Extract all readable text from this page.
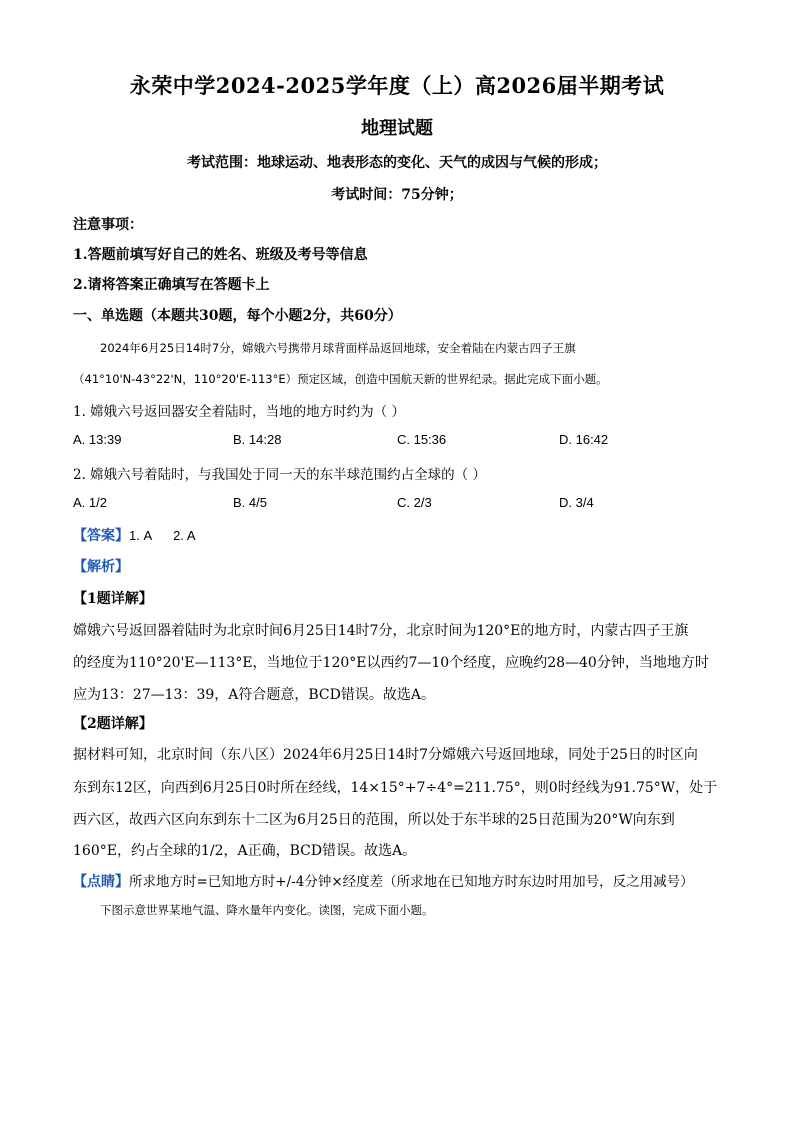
永荣中学2024-2025学年度（上）高2026届半期考试
地理试题
考试范围：地球运动、地表形态的变化、天气的成因与气候的形成；
考试时间：75分钟；
注意事项：
1.答题前填写好自己的姓名、班级及考号等信息
2.请将答案正确填写在答题卡上
一、单选题（本题共30题，每个小题2分，共60分）
2024年6月25日14时7分，嫦娥六号携带月球背面样品返回地球，安全着陆在内蒙古四子王旗
（41°10'N-43°22'N，110°20'E-113°E）预定区域，创造中国航天新的世界纪录。据此完成下面小题。
1. 嫦娥六号返回器安全着陆时，当地的地方时约为（ ）
A. 13:39	B. 14:28	C. 15:36	D. 16:42
2. 嫦娥六号着陆时，与我国处于同一天的东半球范围约占全球的（ ）
A. 1/2	B. 4/5	C. 2/3	D. 3/4
【答案】1. A      2. A
【解析】
【1题详解】
嫦娥六号返回器着陆时为北京时间6月25日14时7分，北京时间为120°E的地方时，内蒙古四子王旗
的经度为110°20'E—113°E，当地位于120°E以西约7—10个经度，应晚约28—40分钟，当地地方时
应为13：27—13：39，A符合题意，BCD错误。故选A。
【2题详解】
据材料可知，北京时间（东八区）2024年6月25日14时7分嫦娥六号返回地球，同处于25日的时区向
东到东12区，向西到6月25日0时所在经线，14×15°+7÷4°=211.75°，则0时经线为91.75°W，处于
西六区，故西六区向东到东十二区为6月25日的范围，所以处于东半球的25日范围为20°W向东到
160°E，约占全球的1/2，A正确，BCD错误。故选A。
【点睛】所求地方时=已知地方时+/-4分钟×经度差（所求地在已知地方时东边时用加号，反之用减号）
下图示意世界某地气温、降水量年内变化。读图，完成下面小题。
